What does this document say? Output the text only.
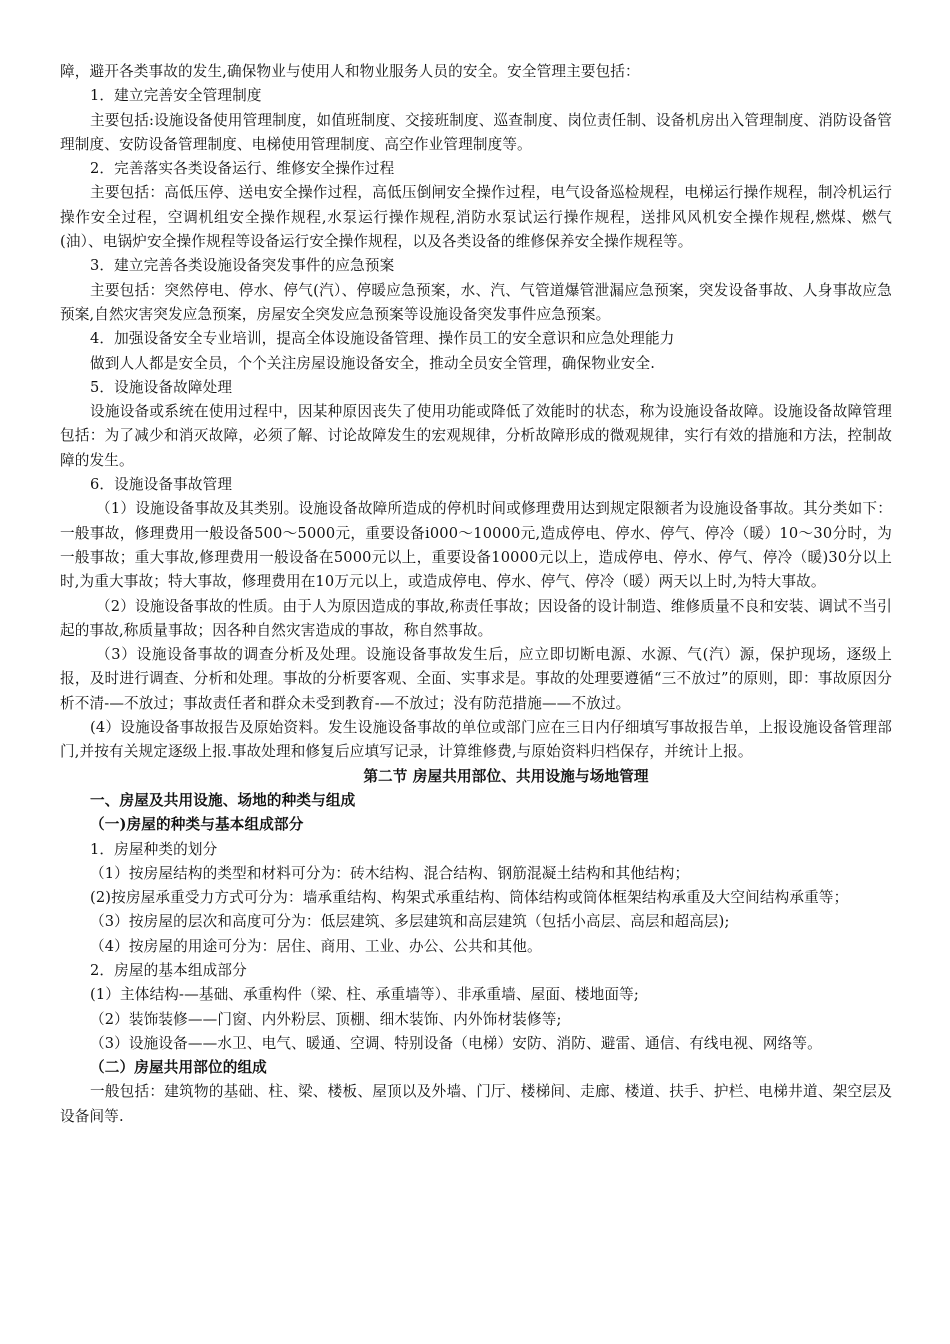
障，避开各类事故的发生,确保物业与使用人和物业服务人员的安全。安全管理主要包括：

1．建立完善安全管理制度

主要包括:设施设备使用管理制度，如值班制度、交接班制度、巡查制度、岗位责任制、设备机房出入管理制度、消防设备管理制度、安防设备管理制度、电梯使用管理制度、高空作业管理制度等。

2．完善落实各类设备运行、维修安全操作过程

主要包括：高低压停、送电安全操作过程，高低压倒闸安全操作过程，电气设备巡检规程，电梯运行操作规程，制冷机运行操作安全过程，空调机组安全操作规程,水泵运行操作规程,消防水泵试运行操作规程，送排风风机安全操作规程,燃煤、燃气(油）、电锅炉安全操作规程等设备运行安全操作规程，以及各类设备的维修保养安全操作规程等。

3．建立完善各类设施设备突发事件的应急预案

主要包括：突然停电、停水、停气(汽）、停暖应急预案，水、汽、气管道爆管泄漏应急预案，突发设备事故、人身事故应急预案,自然灾害突发应急预案，房屋安全突发应急预案等设施设备突发事件应急预案。

4．加强设备安全专业培训，提高全体设施设备管理、操作员工的安全意识和应急处理能力

做到人人都是安全员，个个关注房屋设施设备安全，推动全员安全管理，确保物业安全.

5．设施设备故障处理

设施设备或系统在使用过程中，因某种原因丧失了使用功能或降低了效能时的状态，称为设施设备故障。设施设备故障管理包括：为了减少和消灭故障，必须了解、讨论故障发生的宏观规律，分析故障形成的微观规律，实行有效的措施和方法，控制故障的发生。

6．设施设备事故管理

（1）设施设备事故及其类别。设施设备故障所造成的停机时间或修理费用达到规定限额者为设施设备事故。其分类如下：一般事故，修理费用一般设备500～5000元，重要设备i000～10000元,造成停电、停水、停气、停冷（暖）10～30分时，为一般事故；重大事故,修理费用一般设备在5000元以上，重要设备10000元以上，造成停电、停水、停气、停冷（暖)30分以上时,为重大事故；特大事故，修理费用在10万元以上，或造成停电、停水、停气、停冷（暖）两天以上时,为特大事故。

（2）设施设备事故的性质。由于人为原因造成的事故,称责任事故；因设备的设计制造、维修质量不良和安装、调试不当引起的事故,称质量事故；因各种自然灾害造成的事故，称自然事故。

（3）设施设备事故的调查分析及处理。设施设备事故发生后，应立即切断电源、水源、气(汽）源，保护现场，逐级上报，及时进行调查、分析和处理。事故的分析要客观、全面、实事求是。事故的处理要遵循“三不放过”的原则，即：事故原因分析不清-—不放过；事故责任者和群众未受到教育-—不放过；没有防范措施——不放过。

(4）设施设备事故报告及原始资料。发生设施设备事故的单位或部门应在三日内仔细填写事故报告单，上报设施设备管理部门,并按有关规定逐级上报.事故处理和修复后应填写记录，计算维修费,与原始资料归档保存，并统计上报。

第二节 房屋共用部位、共用设施与场地管理

一、房屋及共用设施、场地的种类与组成

（一)房屋的种类与基本组成部分

1．房屋种类的划分

（1）按房屋结构的类型和材料可分为：砖木结构、混合结构、钢筋混凝土结构和其他结构；

(2)按房屋承重受力方式可分为：墙承重结构、构架式承重结构、筒体结构或筒体框架结构承重及大空间结构承重等；

（3）按房屋的层次和高度可分为：低层建筑、多层建筑和高层建筑（包括小高层、高层和超高层);

（4）按房屋的用途可分为：居住、商用、工业、办公、公共和其他。

2．房屋的基本组成部分

(1）主体结构-—基础、承重构件（梁、柱、承重墙等）、非承重墙、屋面、楼地面等;

（2）装饰装修——门窗、内外粉层、顶棚、细木装饰、内外饰材装修等;

（3）设施设备——水卫、电气、暖通、空调、特别设备（电梯）安防、消防、避雷、通信、有线电视、网络等。

（二）房屋共用部位的组成

一般包括：建筑物的基础、柱、梁、楼板、屋顶以及外墙、门厅、楼梯间、走廊、楼道、扶手、护栏、电梯井道、架空层及设备间等.
